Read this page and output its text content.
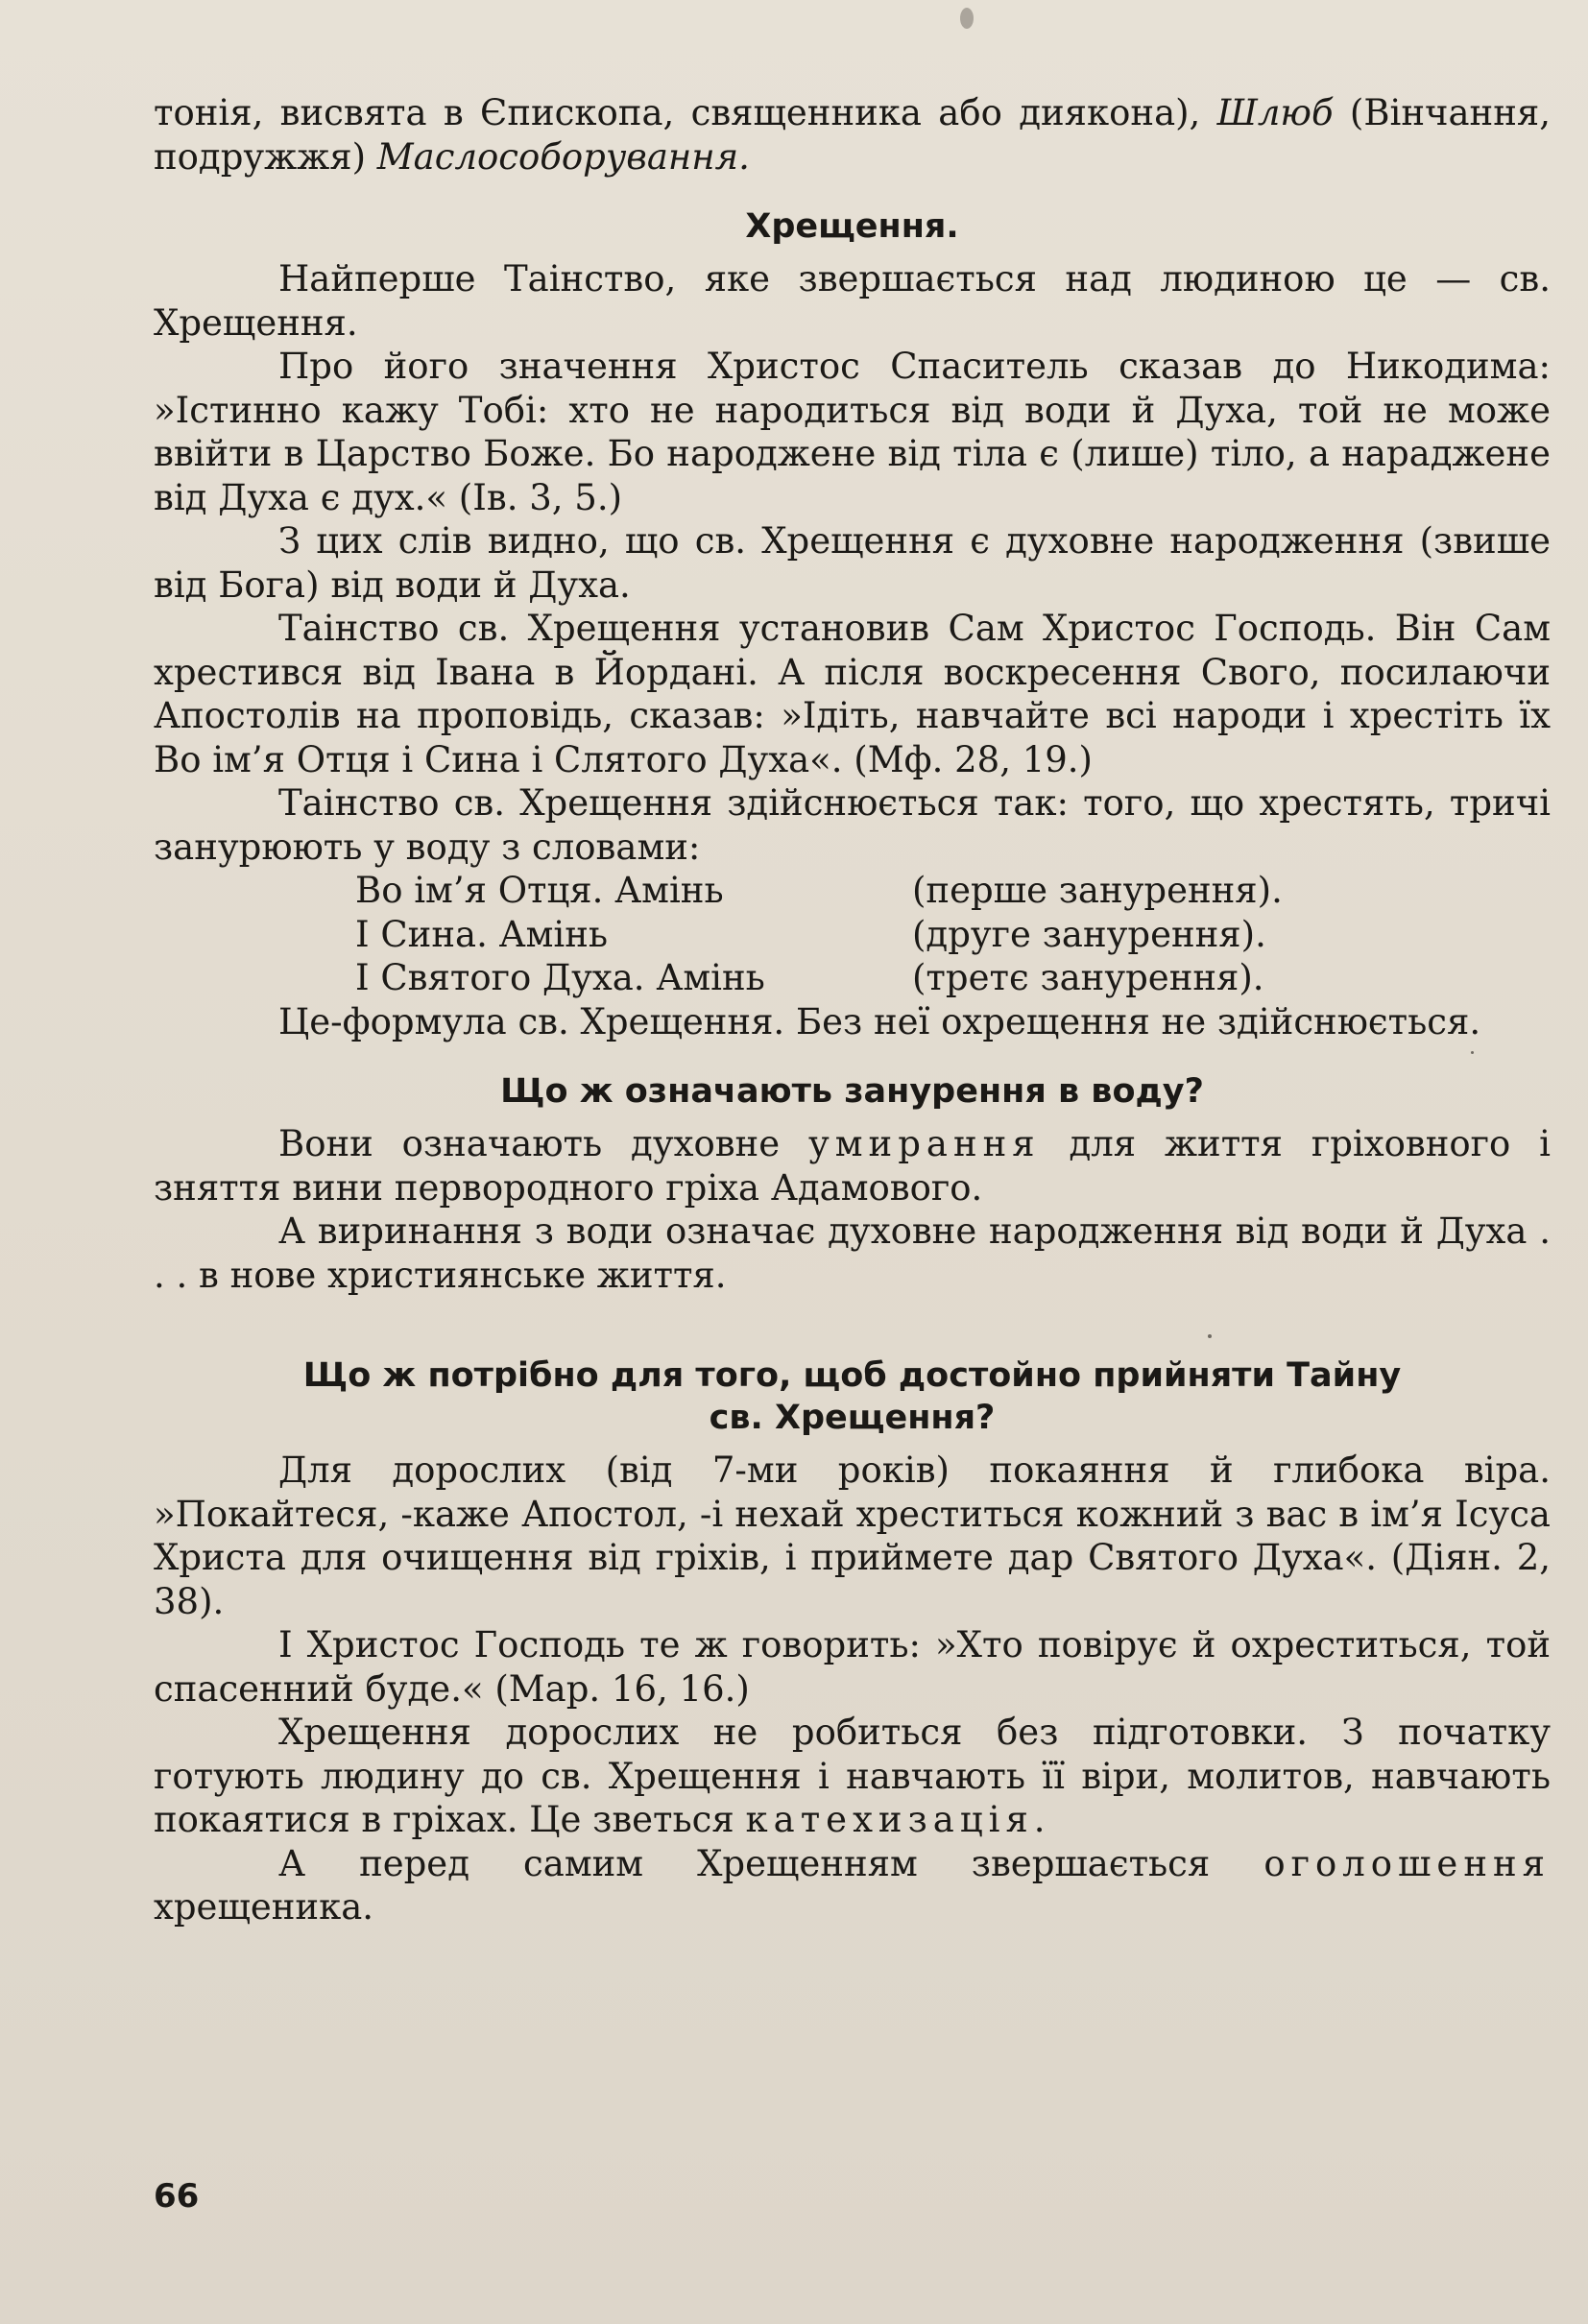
тонія, висвята в Єпископа, священника або диякона), Шлюб (Вінчання, подружжя) Маслособорування.

Хрещення.

Найперше Таінство, яке звершається над людиною це — св. Хрещення.

Про його значення Христос Спаситель сказав до Никодима: »Істинно кажу Тобі: хто не народиться від води й Духа, той не може ввійти в Царство Боже. Бо народжене від тіла є (лише) тіло, а нараджене від Духа є дух.« (Ів. 3, 5.)

З цих слів видно, що св. Хрещення є духовне народження (звише від Бога) від води й Духа.

Таінство св. Хрещення установив Сам Христос Господь. Він Сам хрестився від Івана в Йордані. А після воскресення Свого, посилаючи Апостолів на проповідь, сказав: »Ідіть, навчайте всі народи і хрестіть їх Во ім’я Отця і Сина і Слятого Духа«. (Мф. 28, 19.)

Таінство св. Хрещення здійснюється так: того, що хрестять, тричі занурюють у воду з словами:

Во ім’я Отця. Амінь	(перше занурення).
І Сина. Амінь	(друге занурення).
І Святого Духа. Амінь	(третє занурення).

Це-формула св. Хрещення. Без неї охрещення не здійснюється.

Що ж означають занурення в воду?

Вони означають духовне умирання для життя гріховного і зняття вини первородного гріха Адамового.

А виринання з води означає духовне народження від води й Духа . . . в нове християнське життя.

Що ж потрібно для того, щоб достойно прийняти Тайну
св. Хрещення?

Для дорослих (від 7-ми років) покаяння й глибока віра. »Покайтеся, -каже Апостол, -і нехай хреститься кожний з вас в ім’я Ісуса Христа для очищення від гріхів, і приймете дар Святого Духа«. (Діян. 2, 38).

І Христос Господь те ж говорить: »Хто повірує й охреститься, той спасенний буде.« (Мар. 16, 16.)

Хрещення дорослих не робиться без підготовки. З початку готують людину до св. Хрещення і навчають її віри, молитов, навчають покаятися в гріхах. Це зветься катехизація.

А перед самим Хрещенням звершається оголошення хрещеника.

66
